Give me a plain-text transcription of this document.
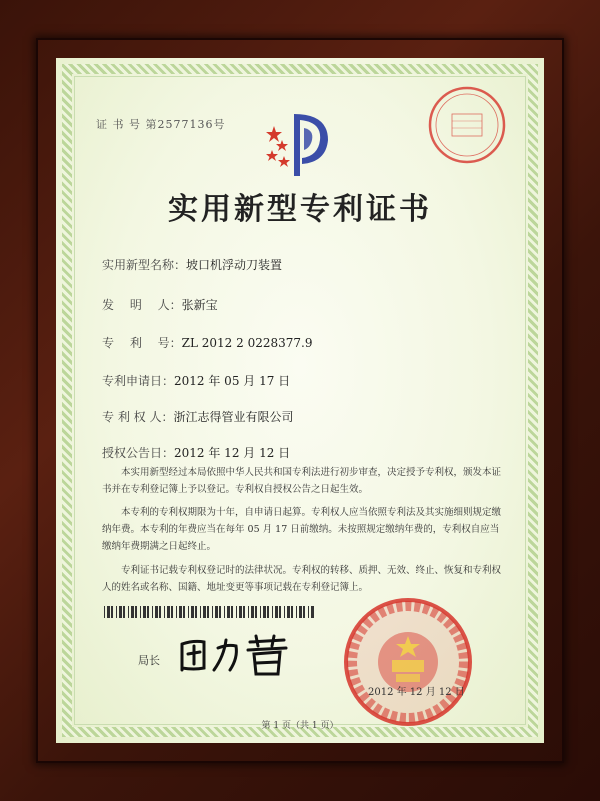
证 书 号 第2577136号
实用新型专利证书
实用新型名称：坡口机浮动刀装置
发 　明 　人：张新宝
专 　利 　号：ZL 2012 2 0228377.9
专利申请日：2012 年 05 月 17 日
专 利 权 人：浙江志得管业有限公司
授权公告日：2012 年 12 月 12 日
本实用新型经过本局依照中华人民共和国专利法进行初步审查，决定授予专利权，颁发本证书并在专利登记簿上予以登记。专利权自授权公告之日起生效。
本专利的专利权期限为十年，自申请日起算。专利权人应当依照专利法及其实施细则规定缴纳年费。本专利的年费应当在每年 05 月 17 日前缴纳。未按照规定缴纳年费的，专利权自应当缴纳年费期满之日起终止。
专利证书记载专利权登记时的法律状况。专利权的转移、质押、无效、终止、恢复和专利权人的姓名或名称、国籍、地址变更等事项记载在专利登记簿上。
局长
2012 年 12 月 12 日
第 1 页（共 1 页）
